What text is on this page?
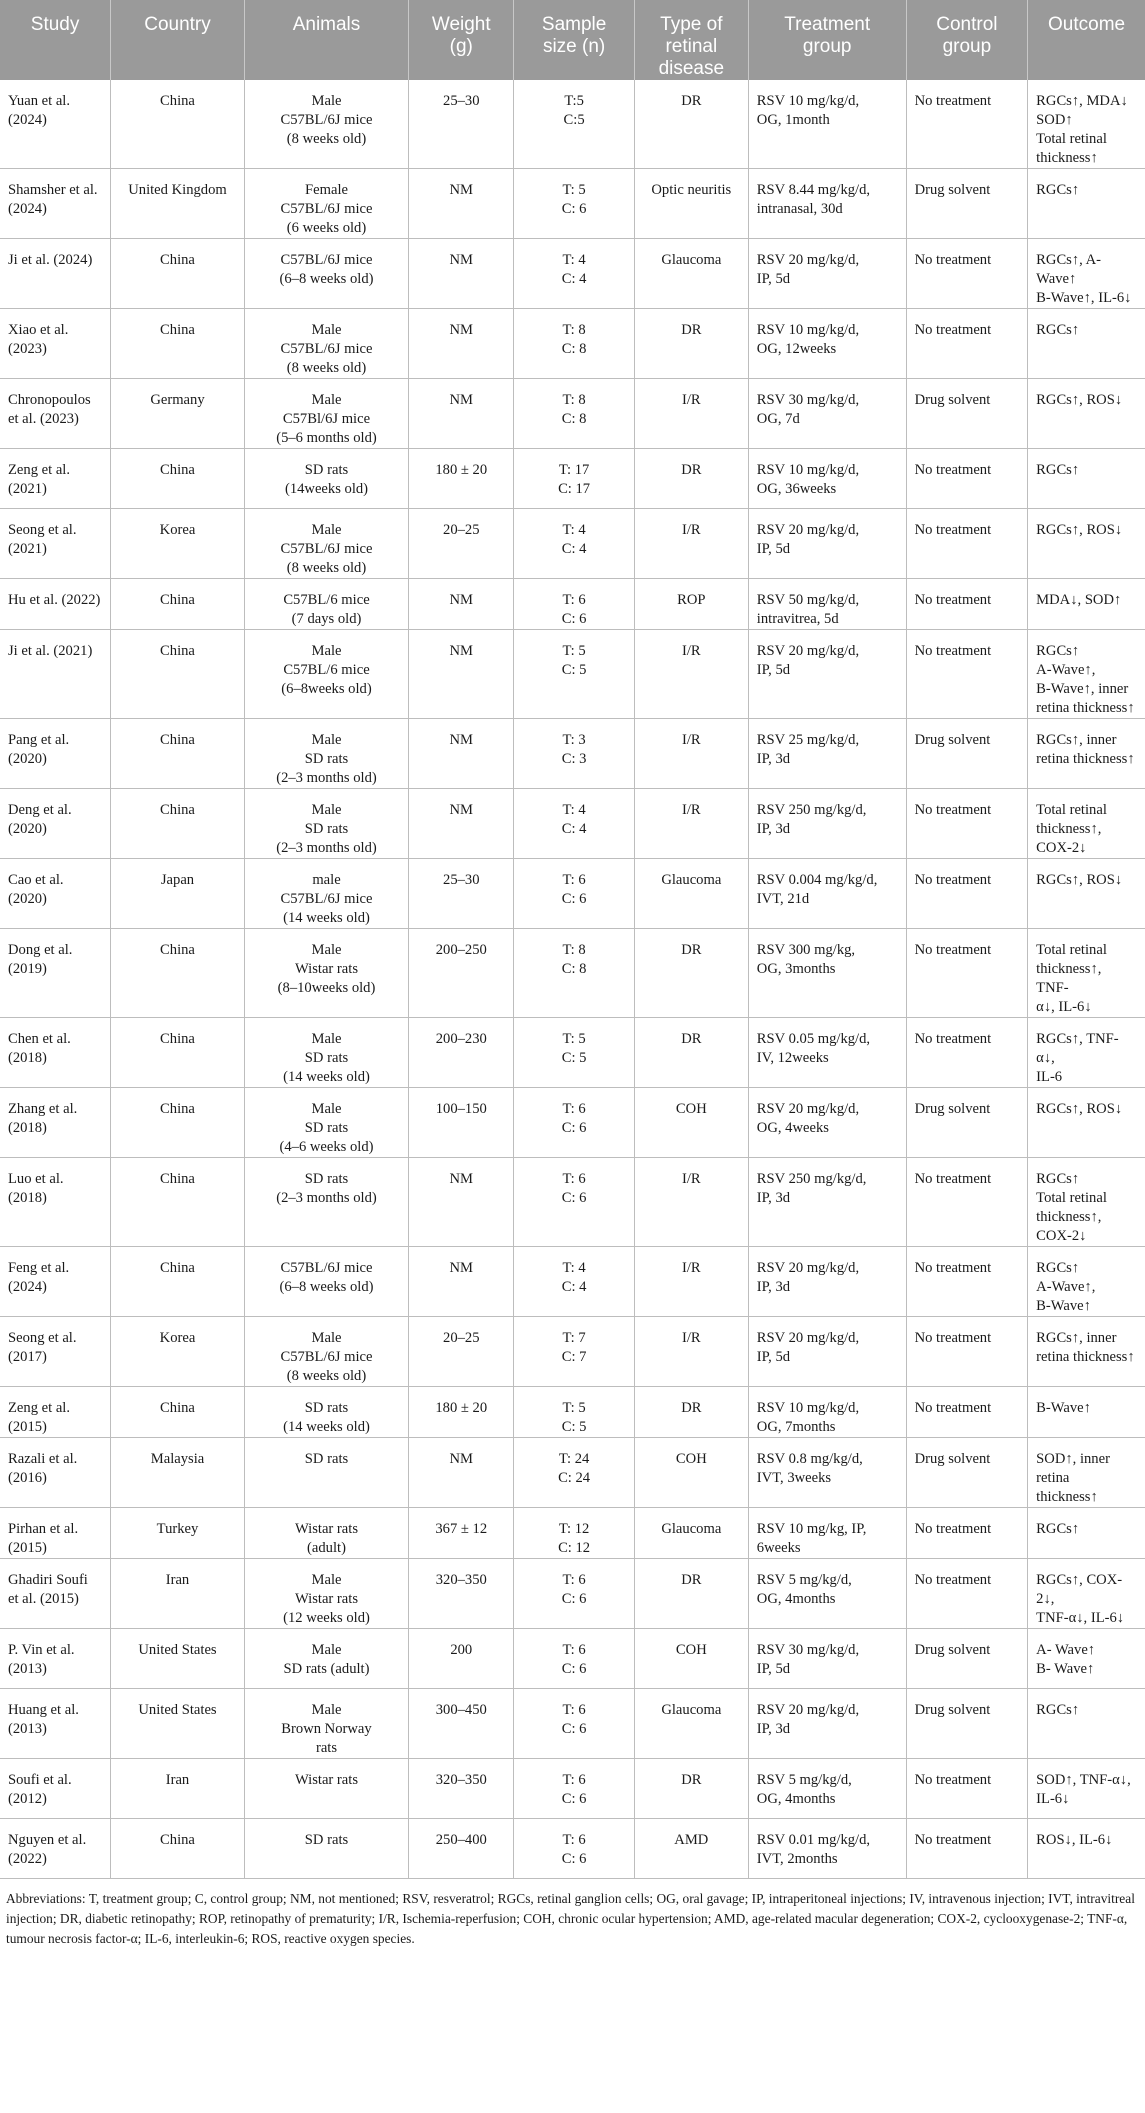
Study	Country	Animals	Weight
(g)	Sample
size (n)	Type of
retinal
disease	Treatment
group	Control
group	Outcome
Yuan et al. (2024)	China	Male
C57BL/6J mice
(8 weeks old)	25–30	T:5
C:5	DR	RSV 10 mg/kg/d,
OG, 1month	No treatment	RGCs↑, MDA↓
SOD↑
Total retinal
thickness↑
Shamsher et al.
(2024)	United Kingdom	Female
C57BL/6J mice
(6 weeks old)	NM	T: 5
C: 6	Optic neuritis	RSV 8.44 mg/kg/d,
intranasal, 30d	Drug solvent	RGCs↑
Ji et al. (2024)	China	C57BL/6J mice
(6–8 weeks old)	NM	T: 4
C: 4	Glaucoma	RSV 20 mg/kg/d,
IP, 5d	No treatment	RGCs↑, A-Wave↑
B-Wave↑, IL-6↓
Xiao et al. (2023)	China	Male
C57BL/6J mice
(8 weeks old)	NM	T: 8
C: 8	DR	RSV 10 mg/kg/d,
OG, 12weeks	No treatment	RGCs↑
Chronopoulos
et al. (2023)	Germany	Male
C57Bl/6J mice
(5–6 months old)	NM	T: 8
C: 8	I/R	RSV 30 mg/kg/d,
OG, 7d	Drug solvent	RGCs↑, ROS↓
Zeng et al. (2021)	China	SD rats
(14weeks old)	180 ± 20	T: 17
C: 17	DR	RSV 10 mg/kg/d,
OG, 36weeks	No treatment	RGCs↑
Seong et al.
(2021)	Korea	Male
C57BL/6J mice
(8 weeks old)	20–25	T: 4
C: 4	I/R	RSV 20 mg/kg/d,
IP, 5d	No treatment	RGCs↑, ROS↓
Hu et al. (2022)	China	C57BL/6 mice
(7 days old)	NM	T: 6
C: 6	ROP	RSV 50 mg/kg/d,
intravitrea, 5d	No treatment	MDA↓, SOD↑
Ji et al. (2021)	China	Male
C57BL/6 mice
(6–8weeks old)	NM	T: 5
C: 5	I/R	RSV 20 mg/kg/d,
IP, 5d	No treatment	RGCs↑
A-Wave↑,
B-Wave↑, inner
retina thickness↑
Pang et al. (2020)	China	Male
SD rats
(2–3 months old)	NM	T: 3
C: 3	I/R	RSV 25 mg/kg/d,
IP, 3d	Drug solvent	RGCs↑, inner
retina thickness↑
Deng et al. (2020)	China	Male
SD rats
(2–3 months old)	NM	T: 4
C: 4	I/R	RSV 250 mg/kg/d,
IP, 3d	No treatment	Total retinal
thickness↑,
COX-2↓
Cao et al. (2020)	Japan	male
C57BL/6J mice
(14 weeks old)	25–30	T: 6
C: 6	Glaucoma	RSV 0.004 mg/kg/d,
IVT, 21d	No treatment	RGCs↑, ROS↓
Dong et al.
(2019)	China	Male
Wistar rats
(8–10weeks old)	200–250	T: 8
C: 8	DR	RSV 300 mg/kg,
OG, 3months	No treatment	Total retinal
thickness↑, TNF-
α↓, IL-6↓
Chen et al. (2018)	China	Male
SD rats
(14 weeks old)	200–230	T: 5
C: 5	DR	RSV 0.05 mg/kg/d,
IV, 12weeks	No treatment	RGCs↑, TNF-α↓,
IL-6
Zhang et al.
(2018)	China	Male
SD rats
(4–6 weeks old)	100–150	T: 6
C: 6	COH	RSV 20 mg/kg/d,
OG, 4weeks	Drug solvent	RGCs↑, ROS↓
Luo et al. (2018)	China	SD rats
(2–3 months old)	NM	T: 6
C: 6	I/R	RSV 250 mg/kg/d,
IP, 3d	No treatment	RGCs↑
Total retinal
thickness↑,
COX-2↓
Feng et al. (2024)	China	C57BL/6J mice
(6–8 weeks old)	NM	T: 4
C: 4	I/R	RSV 20 mg/kg/d,
IP, 3d	No treatment	RGCs↑
A-Wave↑,
B-Wave↑
Seong et al.
(2017)	Korea	Male
C57BL/6J mice
(8 weeks old)	20–25	T: 7
C: 7	I/R	RSV 20 mg/kg/d,
IP, 5d	No treatment	RGCs↑, inner
retina thickness↑
Zeng et al. (2015)	China	SD rats
(14 weeks old)	180 ± 20	T: 5
C: 5	DR	RSV 10 mg/kg/d,
OG, 7months	No treatment	B-Wave↑
Razali et al.
(2016)	Malaysia	SD rats	NM	T: 24
C: 24	COH	RSV 0.8 mg/kg/d,
IVT, 3weeks	Drug solvent	SOD↑, inner retina
thickness↑
Pirhan et al.
(2015)	Turkey	Wistar rats
(adult)	367 ± 12	T: 12
C: 12	Glaucoma	RSV 10 mg/kg, IP,
6weeks	No treatment	RGCs↑
Ghadiri Soufi
et al. (2015)	Iran	Male
Wistar rats
(12 weeks old)	320–350	T: 6
C: 6	DR	RSV 5 mg/kg/d,
OG, 4months	No treatment	RGCs↑, COX-2↓,
TNF-α↓, IL-6↓
P. Vin et al.
(2013)	United States	Male
SD rats (adult)	200	T: 6
C: 6	COH	RSV 30 mg/kg/d,
IP, 5d	Drug solvent	A- Wave↑
B- Wave↑
Huang et al.
(2013)	United States	Male
Brown Norway
rats	300–450	T: 6
C: 6	Glaucoma	RSV 20 mg/kg/d,
IP, 3d	Drug solvent	RGCs↑
Soufi et al. (2012)	Iran	Wistar rats	320–350	T: 6
C: 6	DR	RSV 5 mg/kg/d,
OG, 4months	No treatment	SOD↑, TNF-α↓,
IL-6↓
Nguyen et al.
(2022)	China	SD rats	250–400	T: 6
C: 6	AMD	RSV 0.01 mg/kg/d,
IVT, 2months	No treatment	ROS↓, IL-6↓
Abbreviations: T, treatment group; C, control group; NM, not mentioned; RSV, resveratrol; RGCs, retinal ganglion cells; OG, oral gavage; IP, intraperitoneal injections; IV, intravenous injection; IVT, intravitreal injection; DR, diabetic retinopathy; ROP, retinopathy of prematurity; I/R, Ischemia-reperfusion; COH, chronic ocular hypertension; AMD, age-related macular degeneration; COX-2, cyclooxygenase-2; TNF-α, tumour necrosis factor-α; IL-6, interleukin-6; ROS, reactive oxygen species.
